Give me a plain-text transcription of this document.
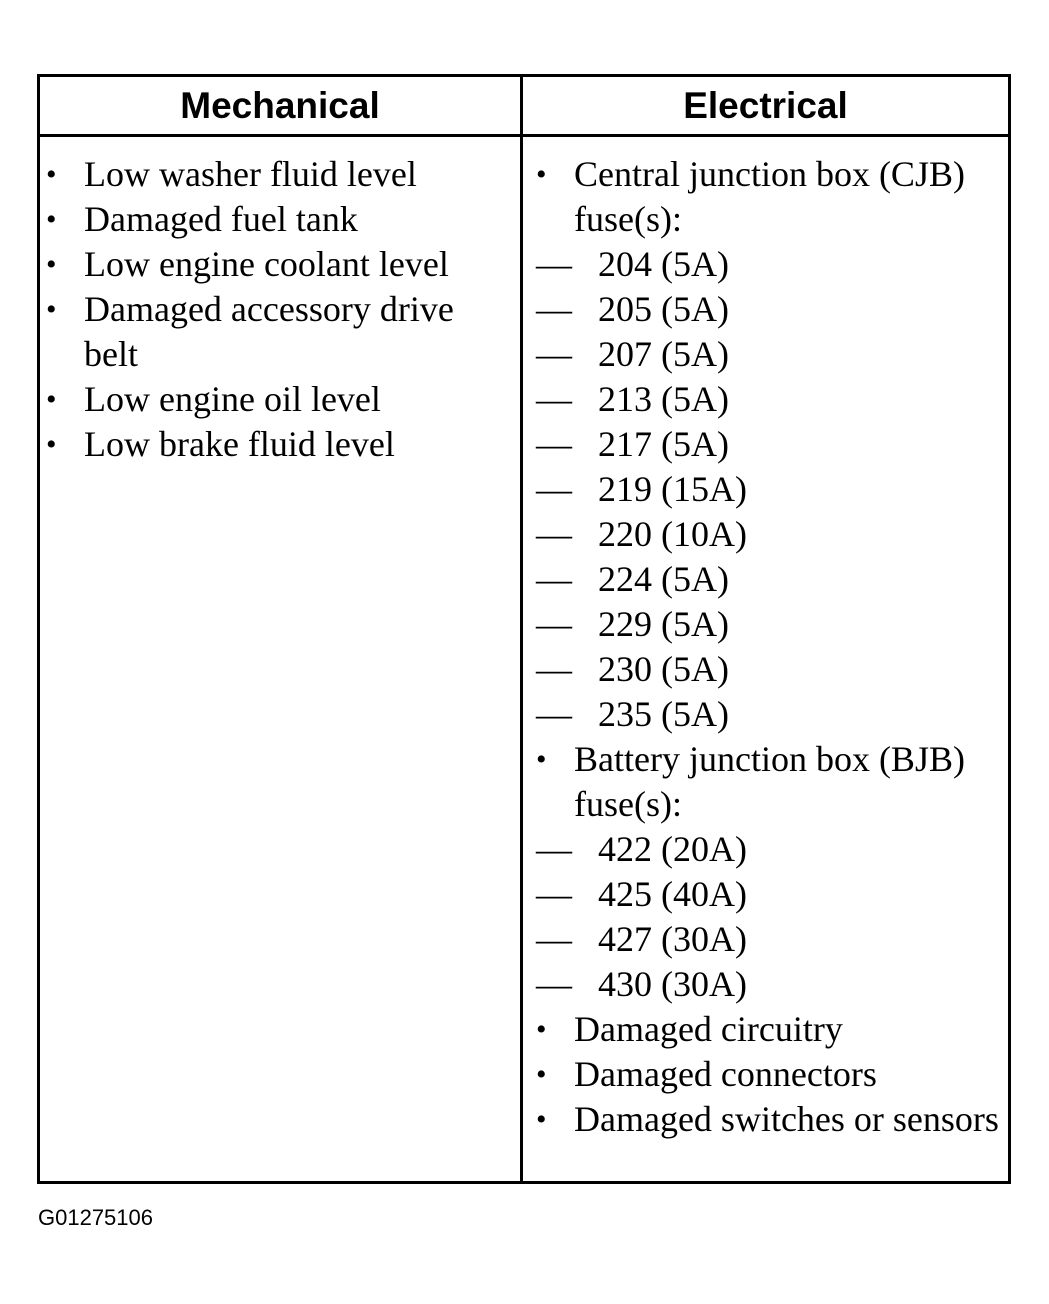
Mechanical	Electrical
• Low washer fluid level
• Damaged fuel tank
• Low engine coolant level
• Damaged accessory drive belt
• Low engine oil level
• Low brake fluid level
• Central junction box (CJB) fuse(s):
— 204 (5A)
— 205 (5A)
— 207 (5A)
— 213 (5A)
— 217 (5A)
— 219 (15A)
— 220 (10A)
— 224 (5A)
— 229 (5A)
— 230 (5A)
— 235 (5A)
• Battery junction box (BJB) fuse(s):
— 422 (20A)
— 425 (40A)
— 427 (30A)
— 430 (30A)
• Damaged circuitry
• Damaged connectors
• Damaged switches or sensors
G01275106
